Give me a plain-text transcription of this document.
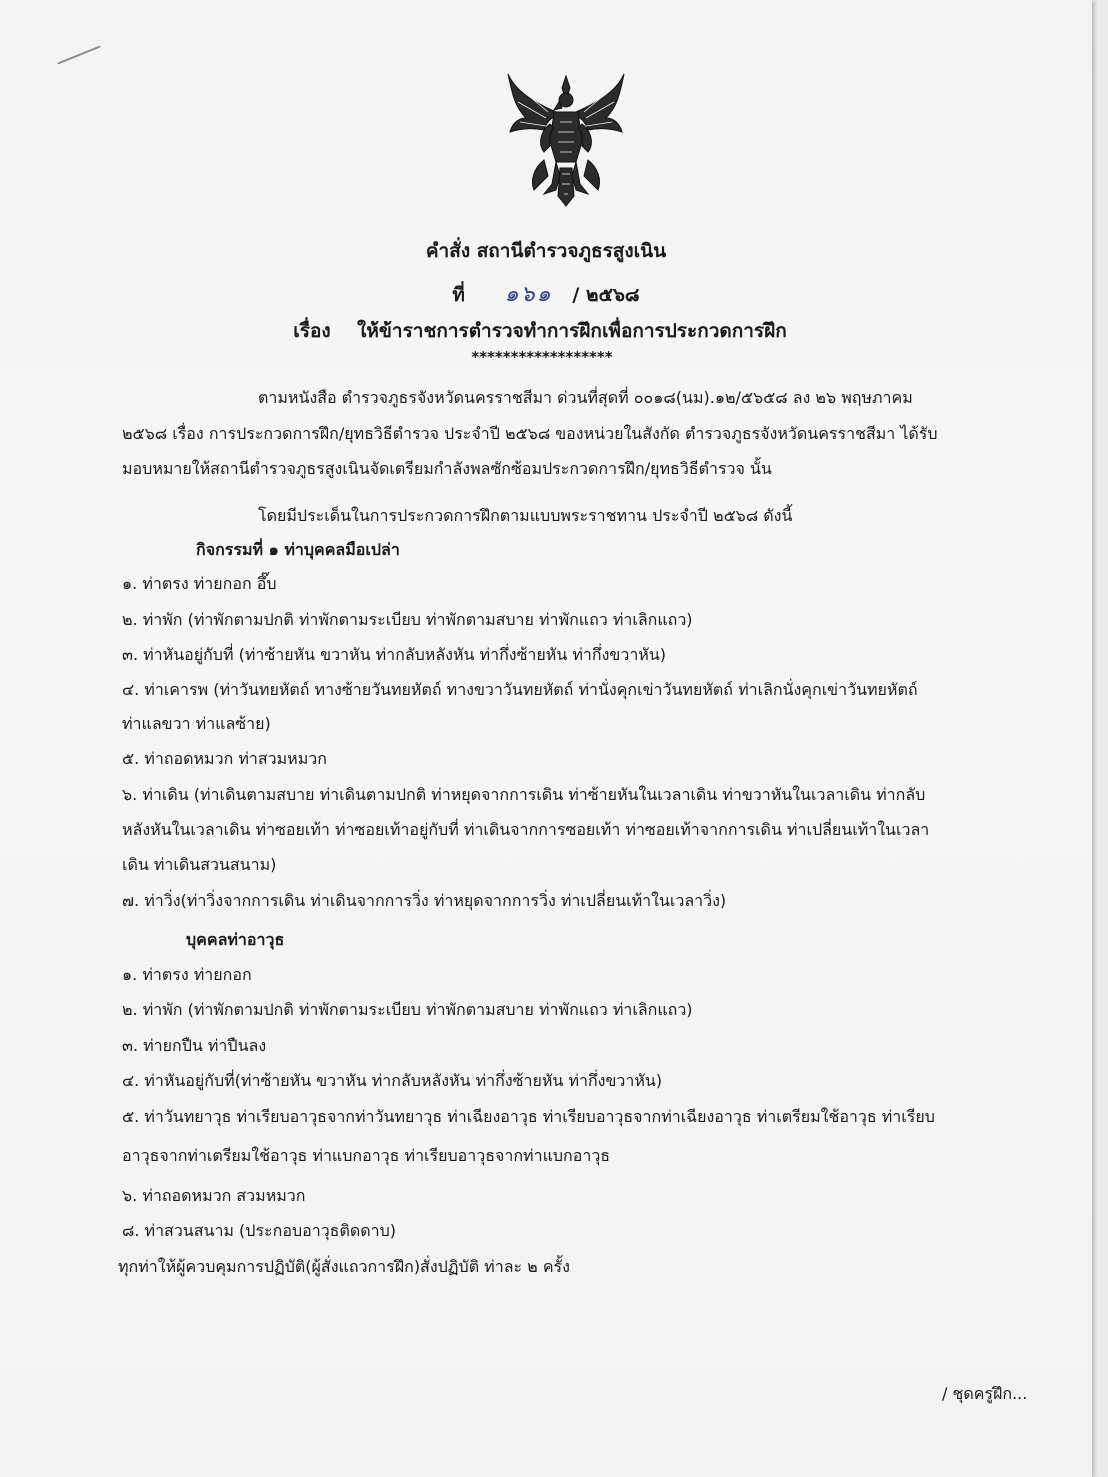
คำสั่ง สถานีตำรวจภูธรสูงเนิน
ที่ ๑๖๑ / ๒๕๖๘
เรื่อง ให้ข้าราชการตำรวจทำการฝึกเพื่อการประกวดการฝึก
******************
ตามหนังสือ ตำรวจภูธรจังหวัดนครราชสีมา ด่วนที่สุดที่ ๐๐๑๘(นม).๑๒/๕๖๕๘ ลง ๒๖ พฤษภาคม
๒๕๖๘ เรื่อง การประกวดการฝึก/ยุทธวิธีตำรวจ ประจำปี ๒๕๖๘ ของหน่วยในสังกัด ตำรวจภูธรจังหวัดนครราชสีมา ได้รับ
มอบหมายให้สถานีตำรวจภูธรสูงเนินจัดเตรียมกำลังพลซักซ้อมประกวดการฝึก/ยุทธวิธีตำรวจ นั้น
โดยมีประเด็นในการประกวดการฝึกตามแบบพระราชทาน ประจำปี ๒๕๖๘ ดังนี้
กิจกรรมที่ ๑ ท่าบุคคลมือเปล่า
๑. ท่าตรง ท่ายกอก อึ๊บ
๒. ท่าพัก (ท่าพักตามปกติ ท่าพักตามระเบียบ ท่าพักตามสบาย ท่าพักแถว ท่าเลิกแถว)
๓. ท่าหันอยู่กับที่ (ท่าซ้ายหัน ขวาหัน ท่ากลับหลังหัน ท่ากึ่งซ้ายหัน ท่ากึ่งขวาหัน)
๔. ท่าเคารพ (ท่าวันทยหัตถ์ ทางซ้ายวันทยหัตถ์ ทางขวาวันทยหัตถ์ ท่านั่งคุกเข่าวันทยหัตถ์ ท่าเลิกนั่งคุกเข่าวันทยหัตถ์
ท่าแลขวา ท่าแลซ้าย)
๕. ท่าถอดหมวก ท่าสวมหมวก
๖. ท่าเดิน (ท่าเดินตามสบาย ท่าเดินตามปกติ ท่าหยุดจากการเดิน ท่าซ้ายหันในเวลาเดิน ท่าขวาหันในเวลาเดิน ท่ากลับ
หลังหันในเวลาเดิน ท่าซอยเท้า ท่าซอยเท้าอยู่กับที่ ท่าเดินจากการซอยเท้า ท่าซอยเท้าจากการเดิน ท่าเปลี่ยนเท้าในเวลา
เดิน ท่าเดินสวนสนาม)
๗. ท่าวิ่ง(ท่าวิ่งจากการเดิน ท่าเดินจากการวิ่ง ท่าหยุดจากการวิ่ง ท่าเปลี่ยนเท้าในเวลาวิ่ง)
บุคคลท่าอาวุธ
๑. ท่าตรง ท่ายกอก
๒. ท่าพัก (ท่าพักตามปกติ ท่าพักตามระเบียบ ท่าพักตามสบาย ท่าพักแถว ท่าเลิกแถว)
๓. ท่ายกปืน ท่าปืนลง
๔. ท่าหันอยู่กับที่(ท่าซ้ายหัน ขวาหัน ท่ากลับหลังหัน ท่ากึ่งซ้ายหัน ท่ากึ่งขวาหัน)
๕. ท่าวันทยาวุธ ท่าเรียบอาวุธจากท่าวันทยาวุธ ท่าเฉียงอาวุธ ท่าเรียบอาวุธจากท่าเฉียงอาวุธ ท่าเตรียมใช้อาวุธ ท่าเรียบ
อาวุธจากท่าเตรียมใช้อาวุธ ท่าแบกอาวุธ ท่าเรียบอาวุธจากท่าแบกอาวุธ
๖. ท่าถอดหมวก สวมหมวก
๘. ท่าสวนสนาม (ประกอบอาวุธติดดาบ)
ทุกท่าให้ผู้ควบคุมการปฏิบัติ(ผู้สั่งแถวการฝึก)สั่งปฏิบัติ ท่าละ ๒ ครั้ง
/ ชุดครูฝึก...
